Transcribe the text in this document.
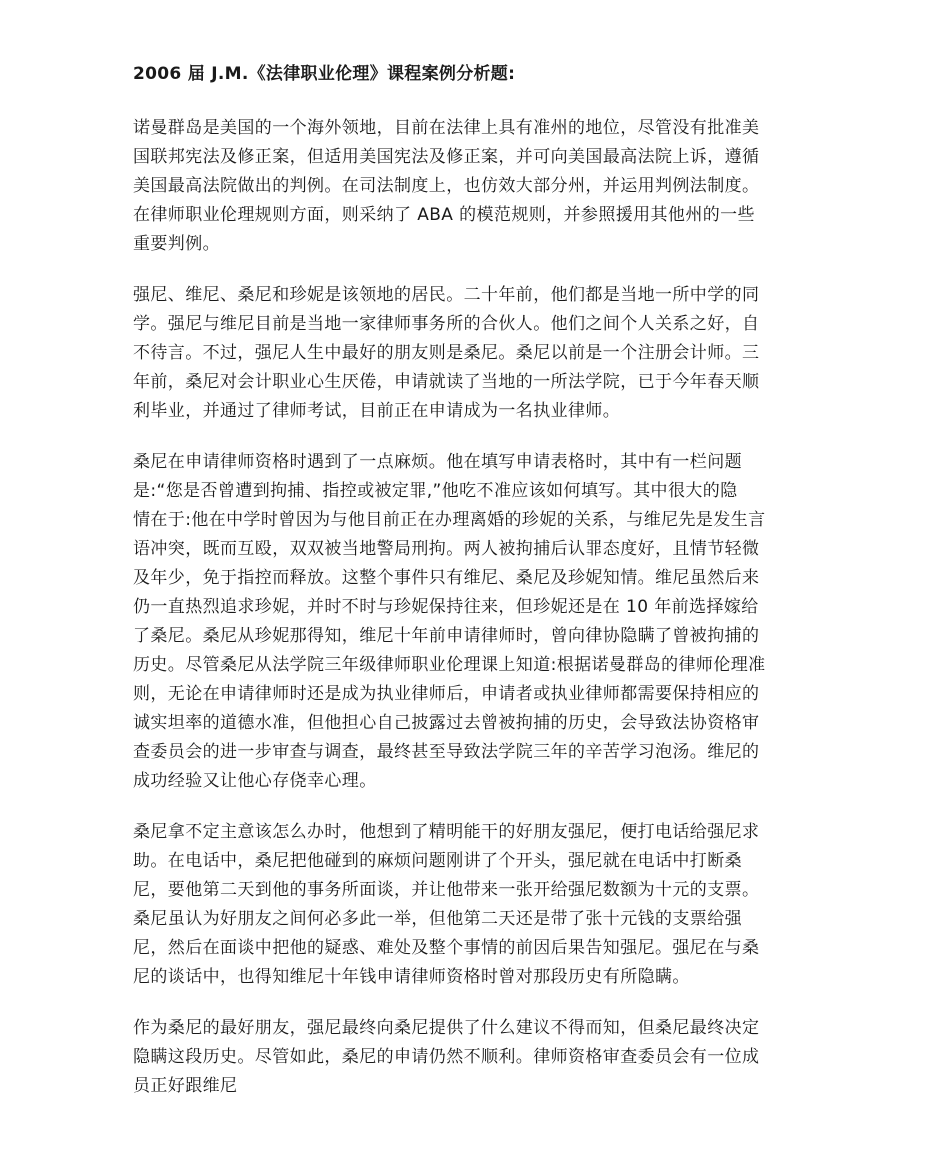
2006 届 J.M.《法律职业伦理》课程案例分析题:
诺曼群岛是美国的一个海外领地，目前在法律上具有准州的地位，尽管没有批准美
国联邦宪法及修正案，但适用美国宪法及修正案，并可向美国最高法院上诉，遵循
美国最高法院做出的判例。在司法制度上，也仿效大部分州，并运用判例法制度。
在律师职业伦理规则方面，则采纳了 ABA 的模范规则，并参照援用其他州的一些
重要判例。
强尼、维尼、桑尼和珍妮是该领地的居民。二十年前，他们都是当地一所中学的同
学。强尼与维尼目前是当地一家律师事务所的合伙人。他们之间个人关系之好，自
不待言。不过，强尼人生中最好的朋友则是桑尼。桑尼以前是一个注册会计师。三
年前，桑尼对会计职业心生厌倦，申请就读了当地的一所法学院，已于今年春天顺
利毕业，并通过了律师考试，目前正在申请成为一名执业律师。
桑尼在申请律师资格时遇到了一点麻烦。他在填写申请表格时，其中有一栏问题
是:“您是否曾遭到拘捕、指控或被定罪,”他吃不准应该如何填写。其中很大的隐
情在于:他在中学时曾因为与他目前正在办理离婚的珍妮的关系，与维尼先是发生言
语冲突，既而互殴，双双被当地警局刑拘。两人被拘捕后认罪态度好，且情节轻微
及年少，免于指控而释放。这整个事件只有维尼、桑尼及珍妮知情。维尼虽然后来
仍一直热烈追求珍妮，并时不时与珍妮保持往来，但珍妮还是在 10 年前选择嫁给
了桑尼。桑尼从珍妮那得知，维尼十年前申请律师时，曾向律协隐瞒了曾被拘捕的
历史。尽管桑尼从法学院三年级律师职业伦理课上知道:根据诺曼群岛的律师伦理准
则，无论在申请律师时还是成为执业律师后，申请者或执业律师都需要保持相应的
诚实坦率的道德水准，但他担心自己披露过去曾被拘捕的历史，会导致法协资格审
查委员会的进一步审查与调查，最终甚至导致法学院三年的辛苦学习泡汤。维尼的
成功经验又让他心存侥幸心理。
桑尼拿不定主意该怎么办时，他想到了精明能干的好朋友强尼，便打电话给强尼求
助。在电话中，桑尼把他碰到的麻烦问题刚讲了个开头，强尼就在电话中打断桑
尼，要他第二天到他的事务所面谈，并让他带来一张开给强尼数额为十元的支票。
桑尼虽认为好朋友之间何必多此一举，但他第二天还是带了张十元钱的支票给强
尼，然后在面谈中把他的疑惑、难处及整个事情的前因后果告知强尼。强尼在与桑
尼的谈话中，也得知维尼十年钱申请律师资格时曾对那段历史有所隐瞒。
作为桑尼的最好朋友，强尼最终向桑尼提供了什么建议不得而知，但桑尼最终决定
隐瞒这段历史。尽管如此，桑尼的申请仍然不顺利。律师资格审查委员会有一位成
员正好跟维尼
